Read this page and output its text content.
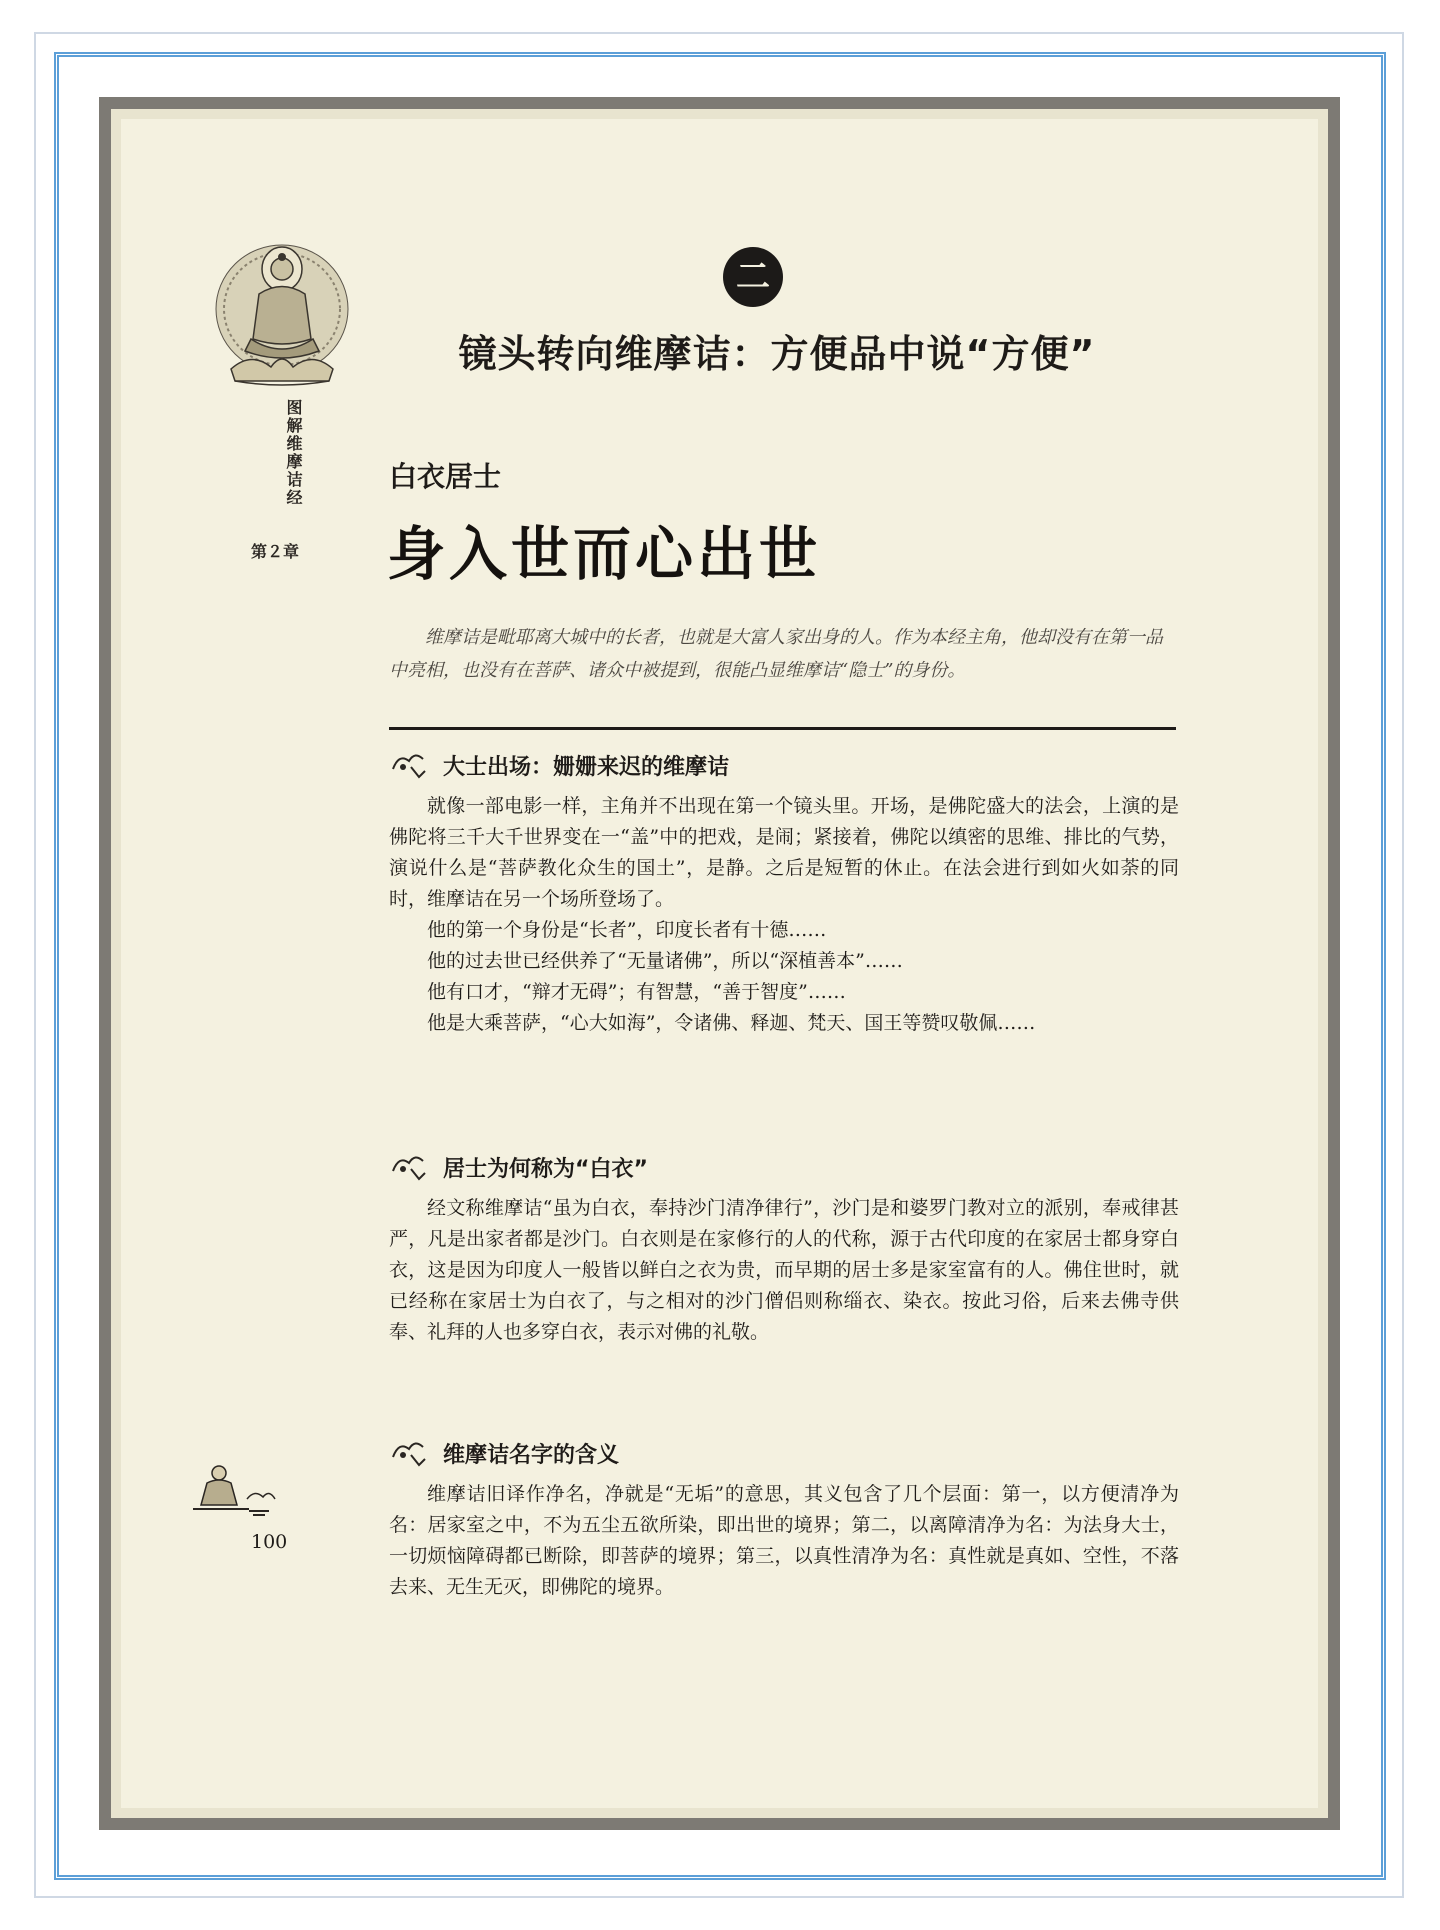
图解维摩诘经
第２章
二
镜头转向维摩诘：方便品中说“方便”
白衣居士
身入世而心出世

维摩诘是毗耶离大城中的长者，也就是大富人家出身的人。作为本经主角，他却没有在第一品中亮相，也没有在菩萨、诸众中被提到，很能凸显维摩诘“隐士”的身份。

大士出场：姗姗来迟的维摩诘

就像一部电影一样，主角并不出现在第一个镜头里。开场，是佛陀盛大的法会，上演的是佛陀将三千大千世界变在一“盖”中的把戏，是闹；紧接着，佛陀以缜密的思维、排比的气势，演说什么是“菩萨教化众生的国土”，是静。之后是短暂的休止。在法会进行到如火如荼的同时，维摩诘在另一个场所登场了。

他的第一个身份是“长者”，印度长者有十德……

他的过去世已经供养了“无量诸佛”，所以“深植善本”……

他有口才，“辩才无碍”；有智慧，“善于智度”……

他是大乘菩萨，“心大如海”，令诸佛、释迦、梵天、国王等赞叹敬佩……

居士为何称为“白衣”

经文称维摩诘“虽为白衣，奉持沙门清净律行”，沙门是和婆罗门教对立的派别，奉戒律甚严，凡是出家者都是沙门。白衣则是在家修行的人的代称，源于古代印度的在家居士都身穿白衣，这是因为印度人一般皆以鲜白之衣为贵，而早期的居士多是家室富有的人。佛住世时，就已经称在家居士为白衣了，与之相对的沙门僧侣则称缁衣、染衣。按此习俗，后来去佛寺供奉、礼拜的人也多穿白衣，表示对佛的礼敬。

维摩诘名字的含义

维摩诘旧译作净名，净就是“无垢”的意思，其义包含了几个层面：第一，以方便清净为名：居家室之中，不为五尘五欲所染，即出世的境界；第二，以离障清净为名：为法身大士，一切烦恼障碍都已断除，即菩萨的境界；第三，以真性清净为名：真性就是真如、空性，不落去来、无生无灭，即佛陀的境界。

100
